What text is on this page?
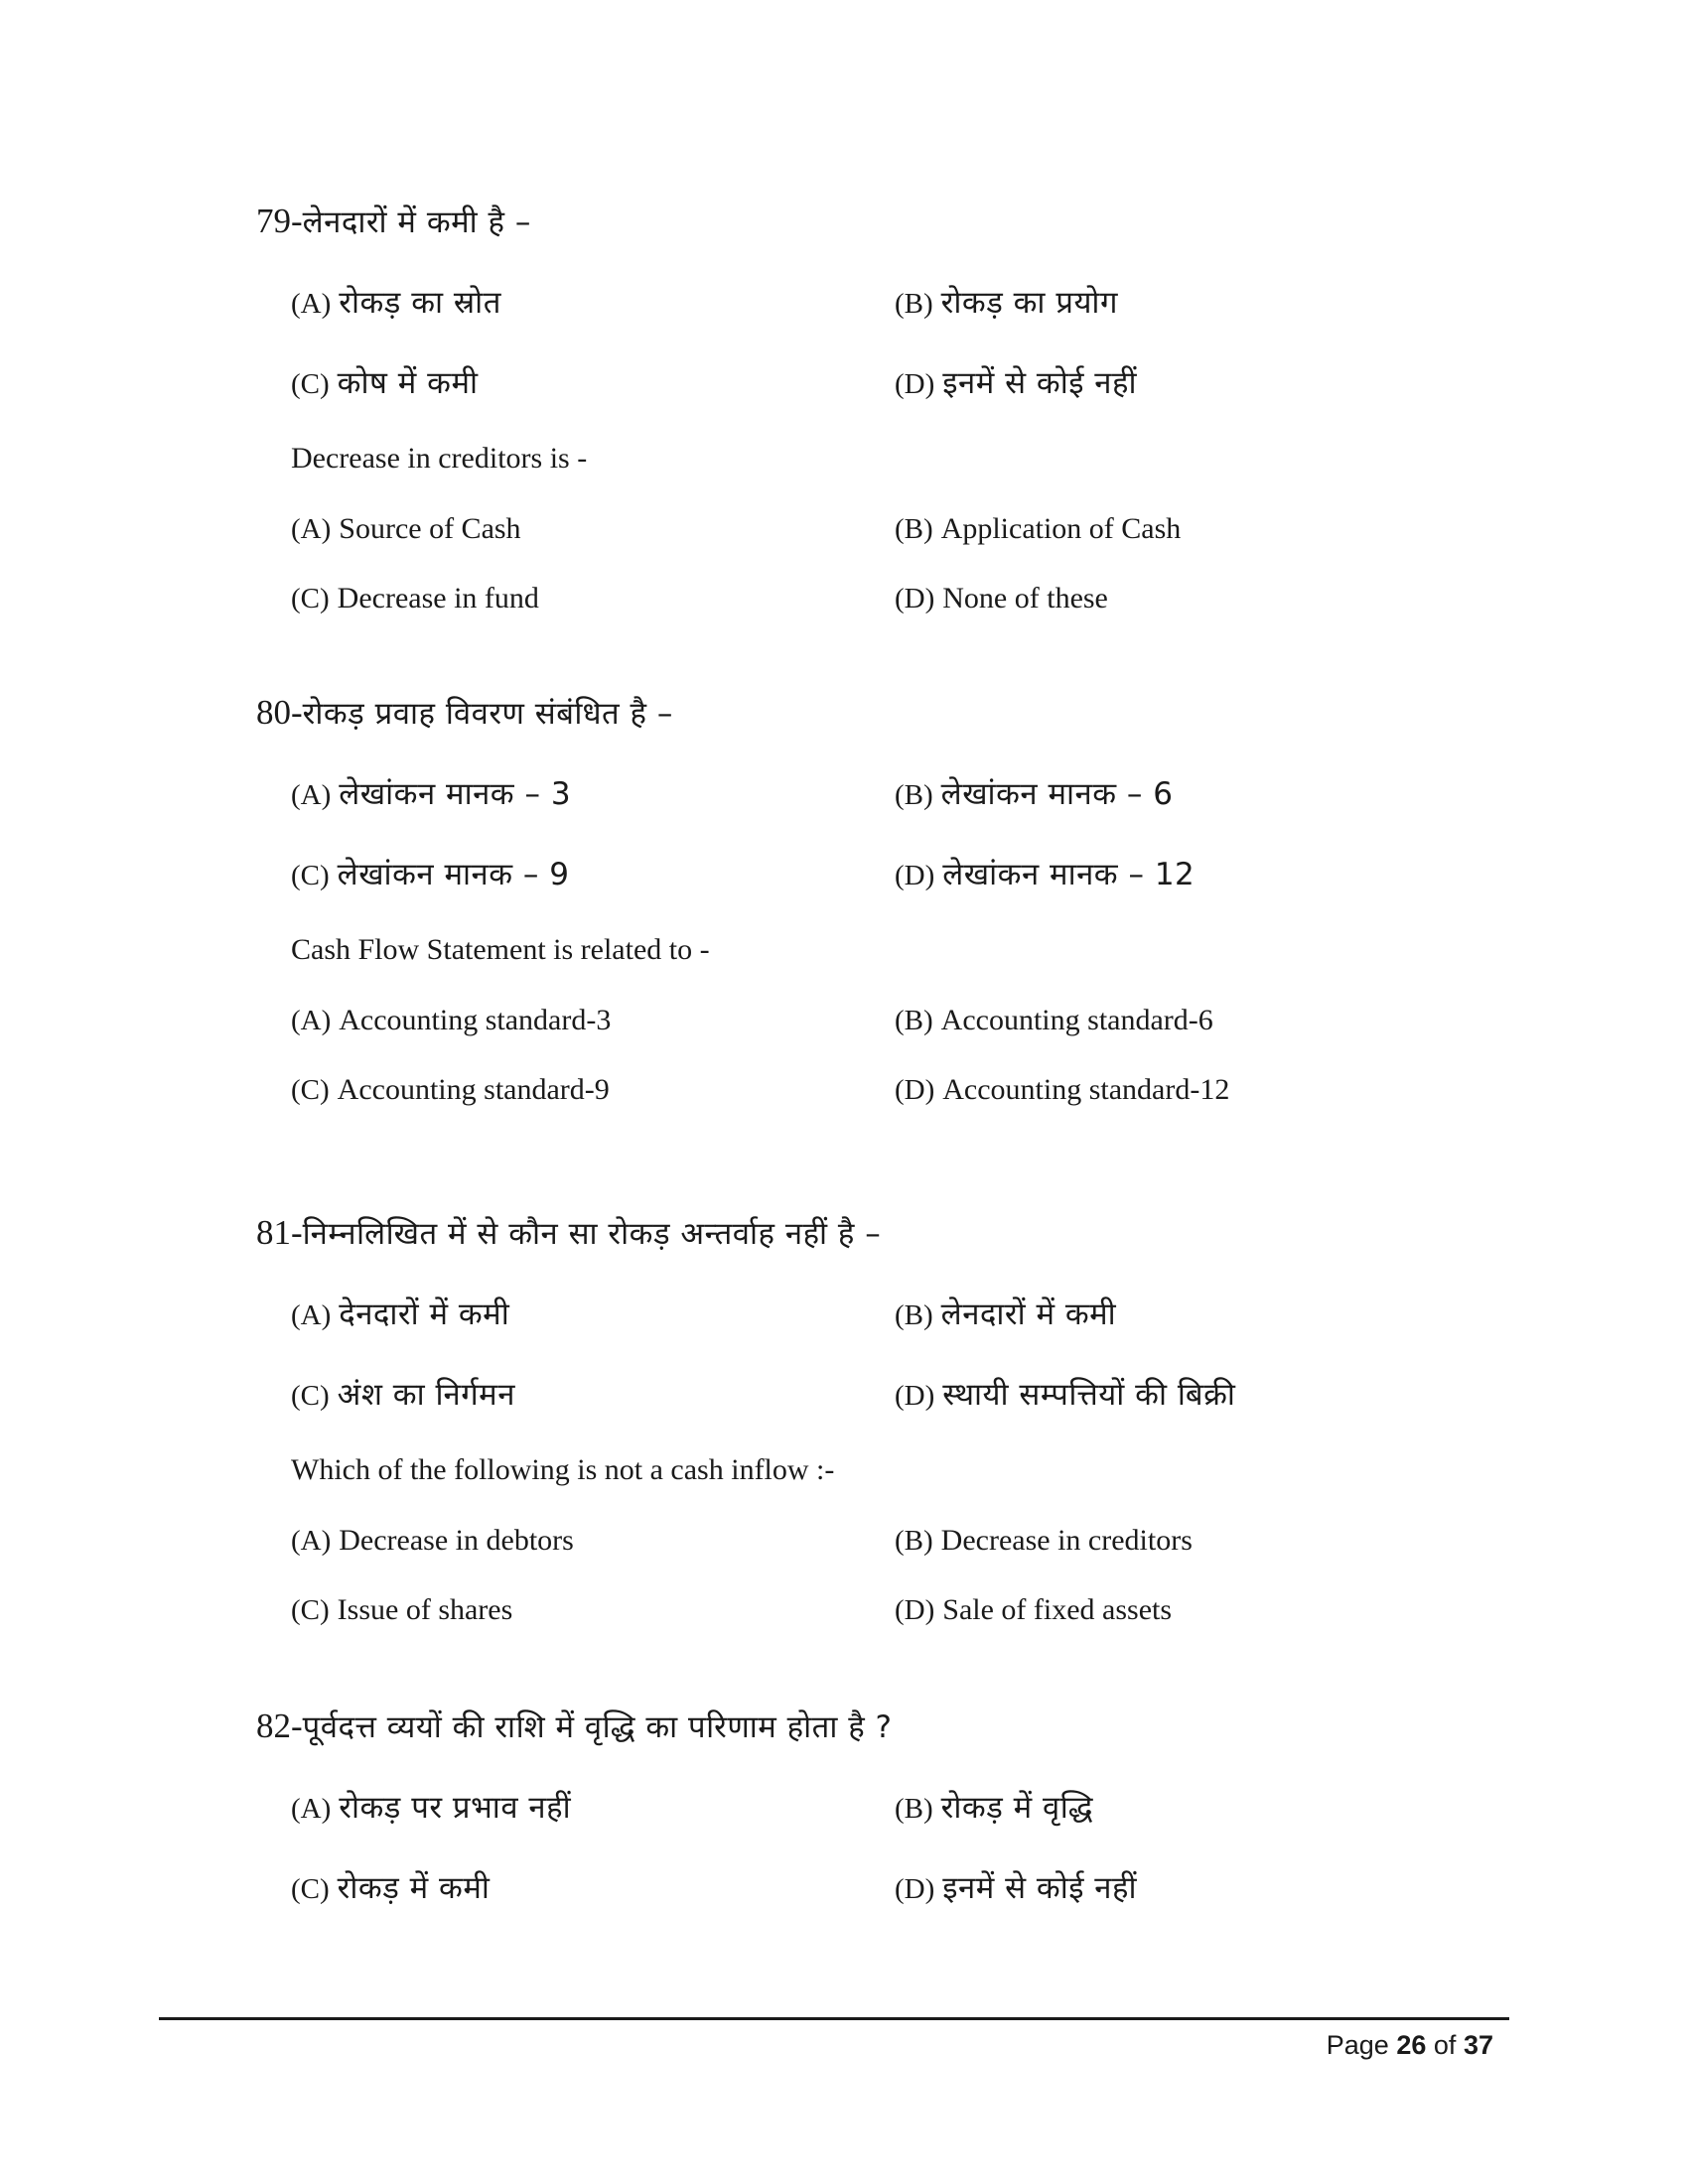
79-लेनदारों में कमी है –
(A) रोकड़ का स्रोत	(B) रोकड़ का प्रयोग
(C) कोष में कमी	(D) इनमें से कोई नहीं
Decrease in creditors is -
(A) Source of Cash	(B) Application of Cash
(C) Decrease in fund	(D) None of these
80-रोकड़ प्रवाह विवरण संबंधित है –
(A) लेखांकन मानक – 3	(B) लेखांकन मानक – 6
(C) लेखांकन मानक – 9	(D) लेखांकन मानक – 12
Cash Flow Statement is related to -
(A) Accounting standard-3	(B) Accounting standard-6
(C) Accounting standard-9	(D) Accounting standard-12
81-निम्नलिखित में से कौन सा रोकड़ अन्तर्वाह नहीं है –
(A) देनदारों में कमी	(B) लेनदारों में कमी
(C) अंश का निर्गमन	(D) स्थायी सम्पत्तियों की बिक्री
Which of the following is not a cash inflow :-
(A) Decrease in debtors	(B) Decrease in creditors
(C) Issue of shares	(D) Sale of fixed assets
82-पूर्वदत्त व्ययों की राशि में वृद्धि का परिणाम होता है ?
(A) रोकड़ पर प्रभाव नहीं	(B) रोकड़ में वृद्धि
(C) रोकड़ में कमी	(D) इनमें से कोई नहीं
Page 26 of 37
